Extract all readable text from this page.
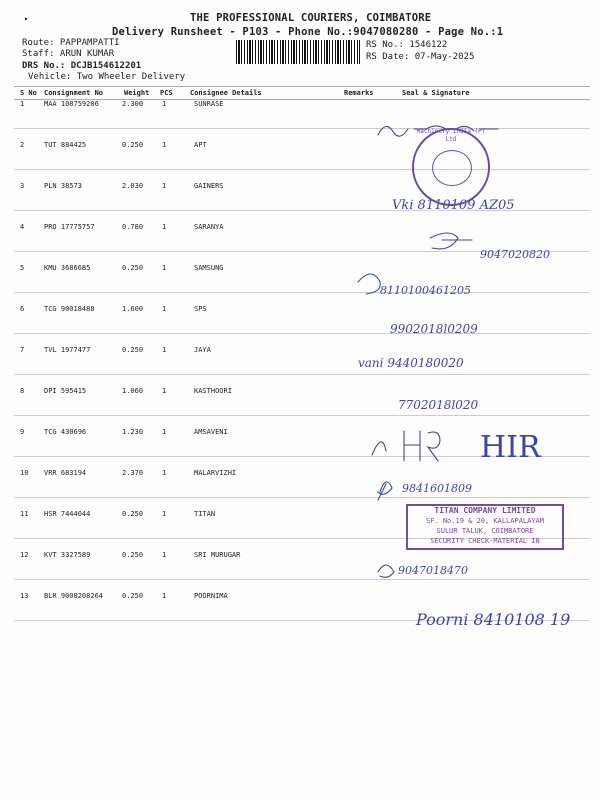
▸	THE PROFESSIONAL COURIERS, COIMBATORE
Delivery Runsheet - P103 - Phone No.:9047080280 - Page No.:1
Route: PAPPAMPATTI
Staff: ARUN KUMAR
DRS No.: DCJB154612201
Vehicle: Two Wheeler Delivery
RS No.: 1546122
RS Date: 07-May-2025
S No Consignment No	Weight PCS Consignee Details	Remarks	Seal & Signature
1	MAA 108759206	2.300	1	SUNRASE
2	TUT 884425	0.250	1	APT
3	PLN 38573	2.030	1	GAINERS
4	PRO 17775757	0.780	1	SARANYA
5	KMU 3686685	0.250	1	SAMSUNG
6	TCG 90018488	1.600	1	SPS
7	TVL 1977477	0.250	1	JAYA
8	DPI 595415	1.060	1	KASTHOORI
9	TCG 430696	1.230	1	AMSAVENI
10 VRR 683194	2.370	1	MALARVIZHI
11 HSR 7444044	0.250	1	TITAN
12 KVT 3327589	0.250	1	SRI MURUGAR
13 BLR 9000208264	0.250	1	POORNIMA
Vki 8110109 AZ05
9047020820
8110100461205
9902018l0209
vani 9440180020
7702018l020
HIR
9841601809
9047018470
Poorni 8410108 19
Machinery India (P) Ltd
TITAN COMPANY LIMITED
SF. No.19 & 20, KALLAPALAYAM
SULUR TALUK, COIMBATORE
SECURITY CHECK-MATERIAL IN
